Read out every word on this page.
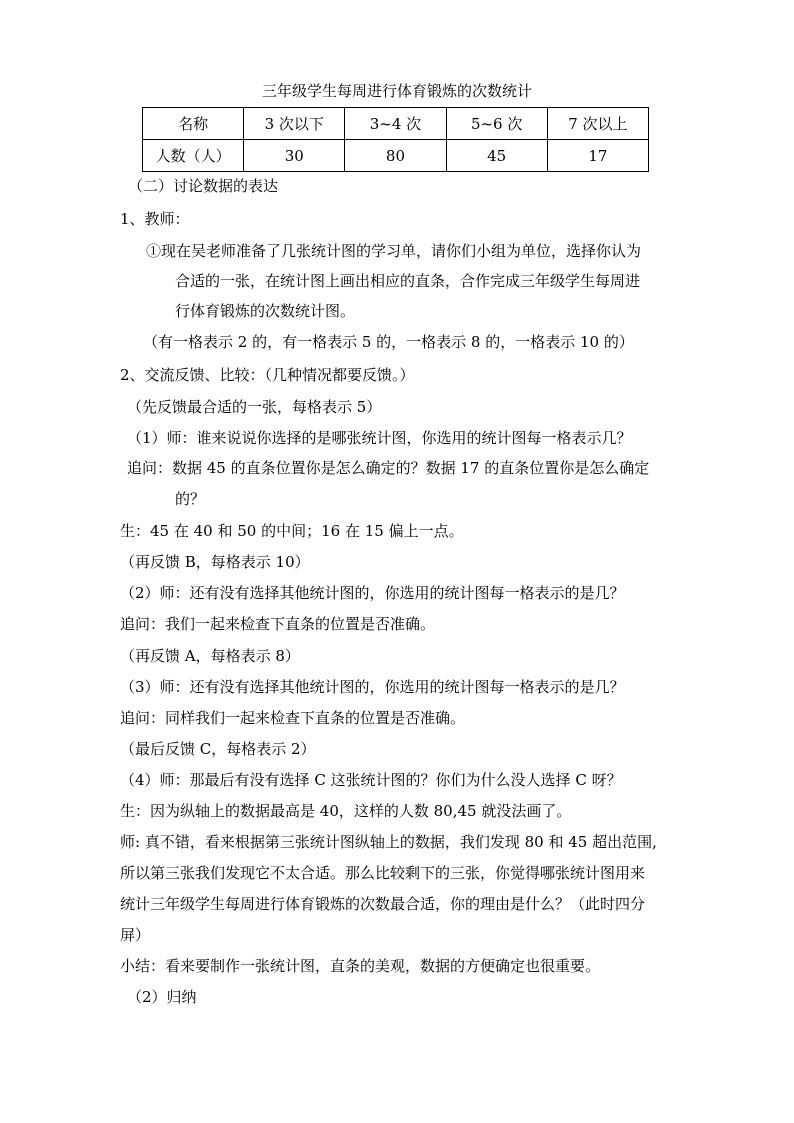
三年级学生每周进行体育锻炼的次数统计
名称	3 次以下	3~4 次	5~6 次	7 次以上
人数（人）	30	80	45	17
（二）讨论数据的表达
1、教师：
①现在吴老师准备了几张统计图的学习单，请你们小组为单位，选择你认为
合适的一张，在统计图上画出相应的直条，合作完成三年级学生每周进
行体育锻炼的次数统计图。
（有一格表示 2 的，有一格表示 5 的，一格表示 8 的，一格表示 10 的）
2、交流反馈、比较：（几种情况都要反馈。）
（先反馈最合适的一张，每格表示 5）
（1）师：谁来说说你选择的是哪张统计图，你选用的统计图每一格表示几？
追问：数据 45 的直条位置你是怎么确定的？数据 17 的直条位置你是怎么确定
的？
生：45 在 40 和 50 的中间；16 在 15 偏上一点。
（再反馈 B，每格表示 10）
（2）师：还有没有选择其他统计图的，你选用的统计图每一格表示的是几？
追问：我们一起来检查下直条的位置是否准确。
（再反馈 A，每格表示 8）
（3）师：还有没有选择其他统计图的，你选用的统计图每一格表示的是几？
追问：同样我们一起来检查下直条的位置是否准确。
（最后反馈 C，每格表示 2）
（4）师：那最后有没有选择 C 这张统计图的？你们为什么没人选择 C 呀？
生：因为纵轴上的数据最高是 40，这样的人数 80,45 就没法画了。
师: 真不错，看来根据第三张统计图纵轴上的数据，我们发现 80 和 45 超出范围,
所以第三张我们发现它不太合适。那么比较剩下的三张，你觉得哪张统计图用来
统计三年级学生每周进行体育锻炼的次数最合适，你的理由是什么？（此时四分
屏）
小结：看来要制作一张统计图，直条的美观，数据的方便确定也很重要。
（2）归纳
